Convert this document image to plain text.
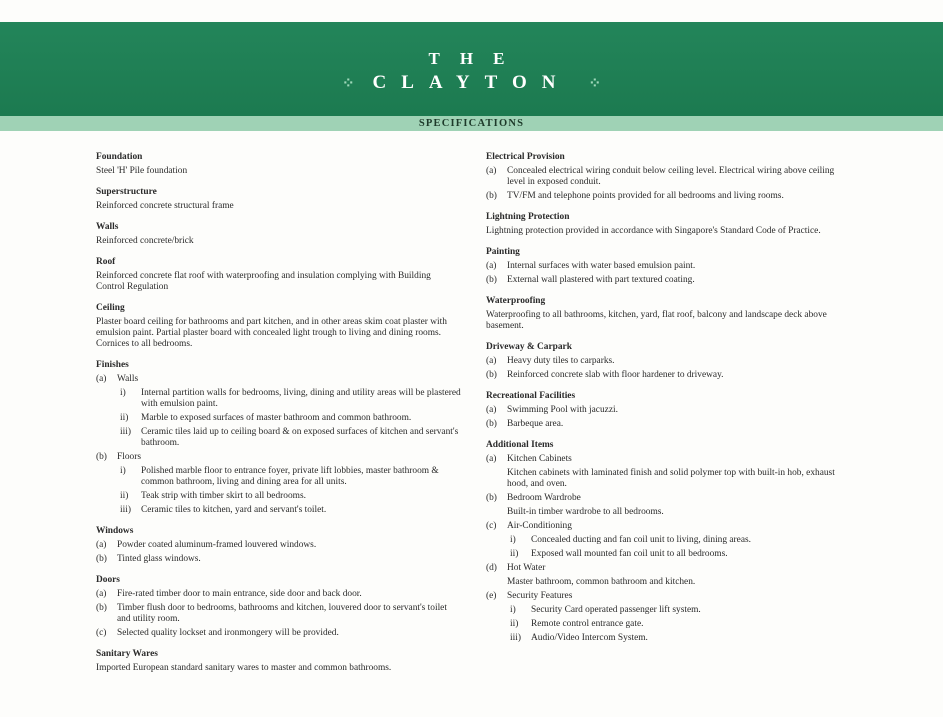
THE
⁘ CLAYTON ⁘
SPECIFICATIONS
Foundation
Steel 'H' Pile foundation
Superstructure
Reinforced concrete structural frame
Walls
Reinforced concrete/brick
Roof
Reinforced concrete flat roof with waterproofing and insulation complying with Building Control Regulation
Ceiling
Plaster board ceiling for bathrooms and part kitchen, and in other areas skim coat plaster with emulsion paint. Partial plaster board with concealed light trough to living and dining rooms. Cornices to all bedrooms.
Finishes
(a)	Walls
i)	Internal partition walls for bedrooms, living, dining and utility areas will be plastered with emulsion paint.
ii)	Marble to exposed surfaces of master bathroom and common bathroom.
iii)	Ceramic tiles laid up to ceiling board & on exposed surfaces of kitchen and servant's bathroom.
(b)	Floors
i)	Polished marble floor to entrance foyer, private lift lobbies, master bathroom & common bathroom, living and dining area for all units.
ii)	Teak strip with timber skirt to all bedrooms.
iii)	Ceramic tiles to kitchen, yard and servant's toilet.
Windows
(a)	Powder coated aluminum-framed louvered windows.
(b)	Tinted glass windows.
Doors
(a)	Fire-rated timber door to main entrance, side door and back door.
(b)	Timber flush door to bedrooms, bathrooms and kitchen, louvered door to servant's toilet and utility room.
(c)	Selected quality lockset and ironmongery will be provided.
Sanitary Wares
Imported European standard sanitary wares to master and common bathrooms.
Electrical Provision
(a)	Concealed electrical wiring conduit below ceiling level. Electrical wiring above ceiling level in exposed conduit.
(b)	TV/FM and telephone points provided for all bedrooms and living rooms.
Lightning Protection
Lightning protection provided in accordance with Singapore's Standard Code of Practice.
Painting
(a)	Internal surfaces with water based emulsion paint.
(b)	External wall plastered with part textured coating.
Waterproofing
Waterproofing to all bathrooms, kitchen, yard, flat roof, balcony and landscape deck above basement.
Driveway & Carpark
(a)	Heavy duty tiles to carparks.
(b)	Reinforced concrete slab with floor hardener to driveway.
Recreational Facilities
(a)	Swimming Pool with jacuzzi.
(b)	Barbeque area.
Additional Items
(a)	Kitchen Cabinets
Kitchen cabinets with laminated finish and solid polymer top with built-in hob, exhaust hood, and oven.
(b)	Bedroom Wardrobe
Built-in timber wardrobe to all bedrooms.
(c)	Air-Conditioning
i)	Concealed ducting and fan coil unit to living, dining areas.
ii)	Exposed wall mounted fan coil unit to all bedrooms.
(d)	Hot Water
Master bathroom, common bathroom and kitchen.
(e)	Security Features
i)	Security Card operated passenger lift system.
ii)	Remote control entrance gate.
iii)	Audio/Video Intercom System.
